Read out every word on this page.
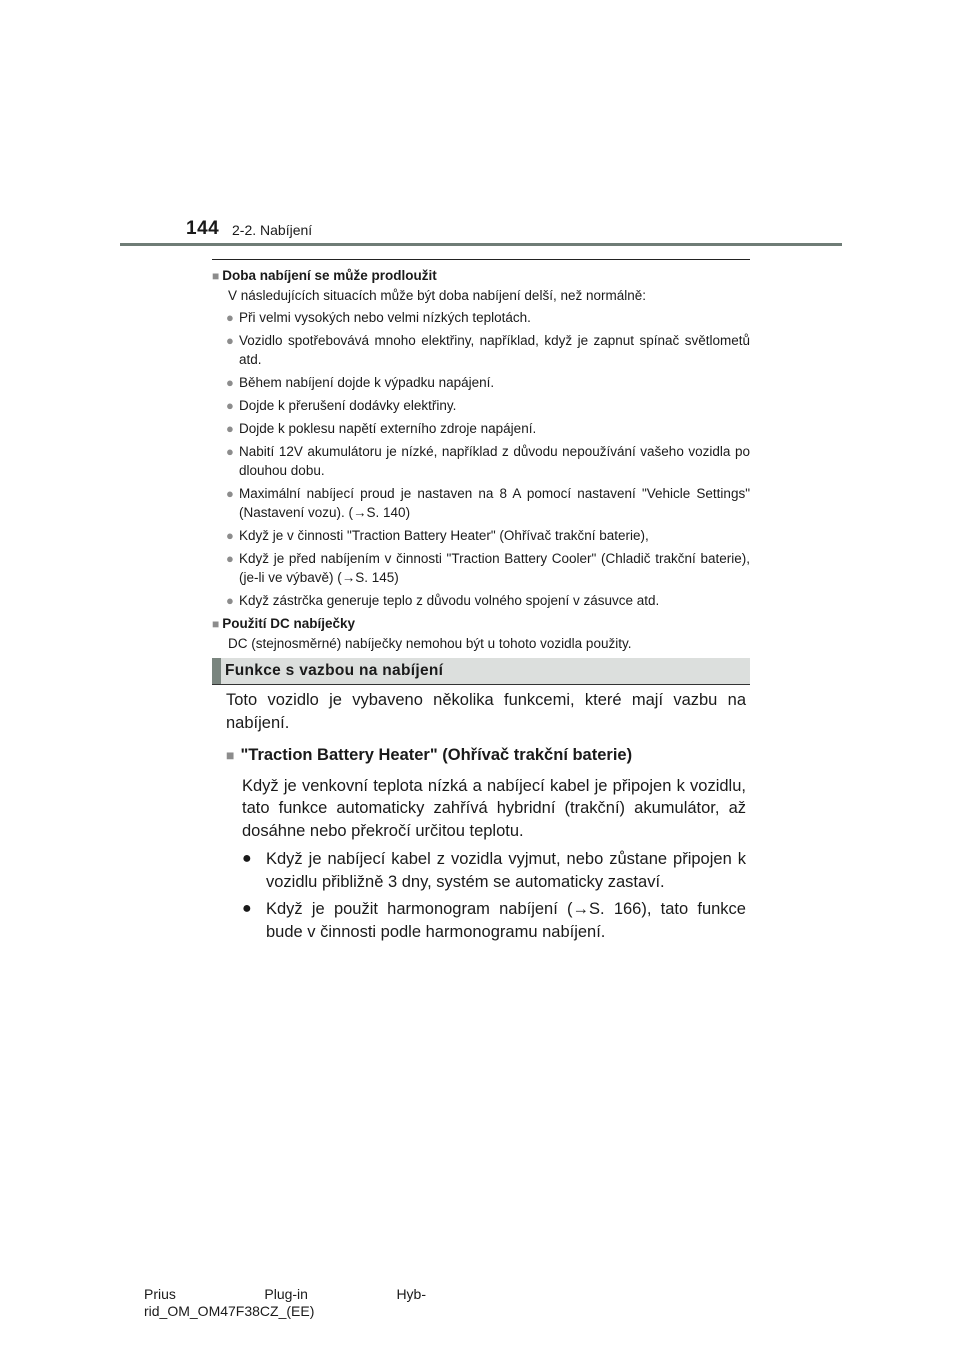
144 2-2. Nabíjení

■ Doba nabíjení se může prodloužit

V následujících situacích může být doba nabíjení delší, než normálně:

● Při velmi vysokých nebo velmi nízkých teplotách.
● Vozidlo spotřebovává mnoho elektřiny, například, když je zapnut spínač světlometů atd.
● Během nabíjení dojde k výpadku napájení.
● Dojde k přerušení dodávky elektřiny.
● Dojde k poklesu napětí externího zdroje napájení.
● Nabití 12V akumulátoru je nízké, například z důvodu nepoužívání vašeho vozidla po dlouhou dobu.
● Maximální nabíjecí proud je nastaven na 8 A pomocí nastavení "Vehicle Settings" (Nastavení vozu). (→S. 140)
● Když je v činnosti "Traction Battery Heater" (Ohřívač trakční baterie),
● Když je před nabíjením v činnosti "Traction Battery Cooler" (Chladič trakční baterie), (je-li ve výbavě) (→S. 145)
● Když zástrčka generuje teplo z důvodu volného spojení v zásuvce atd.

■ Použití DC nabíječky

DC (stejnosměrné) nabíječky nemohou být u tohoto vozidla použity.

Funkce s vazbou na nabíjení

Toto vozidlo je vybaveno několika funkcemi, které mají vazbu na nabíjení.

■ "Traction Battery Heater" (Ohřívač trakční baterie)

Když je venkovní teplota nízká a nabíjecí kabel je připojen k vozidlu, tato funkce automaticky zahřívá hybridní (trakční) akumulátor, až dosáhne nebo překročí určitou teplotu.

● Když je nabíjecí kabel z vozidla vyjmut, nebo zůstane připojen k vozidlu přibližně 3 dny, systém se automaticky zastaví.
● Když je použit harmonogram nabíjení (→S. 166), tato funkce bude v činnosti podle harmonogramu nabíjení.
Prius	Plug-in	Hyb-
rid_OM_OM47F38CZ_(EE)
